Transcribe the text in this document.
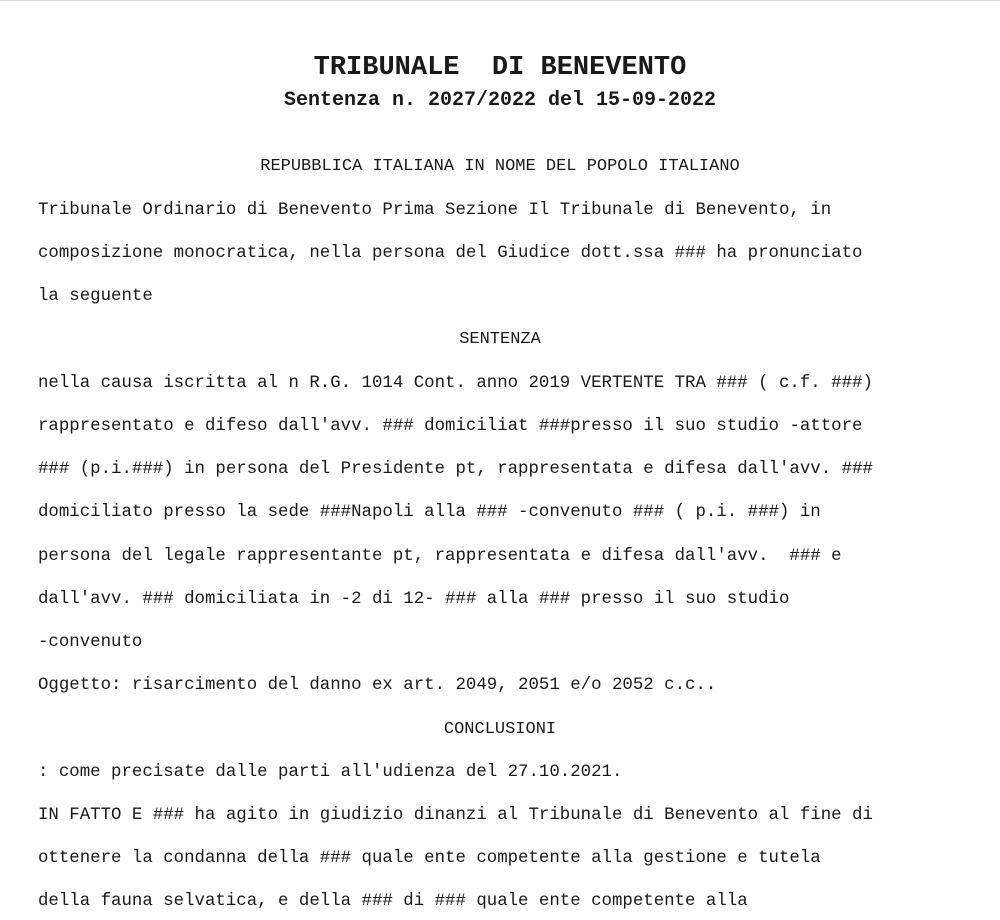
TRIBUNALE  DI BENEVENTO
Sentenza n. 2027/2022 del 15-09-2022
REPUBBLICA ITALIANA IN NOME DEL POPOLO ITALIANO
Tribunale Ordinario di Benevento Prima Sezione Il Tribunale di Benevento, in
composizione monocratica, nella persona del Giudice dott.ssa ### ha pronunciato
la seguente
SENTENZA
nella causa iscritta al n R.G. 1014 Cont. anno 2019 VERTENTE TRA ### ( c.f. ###)
rappresentato e difeso dall'avv. ### domiciliat ###presso il suo studio -attore
### (p.i.###) in persona del Presidente pt, rappresentata e difesa dall'avv. ###
domiciliato presso la sede ###Napoli alla ### -convenuto ### ( p.i. ###) in
persona del legale rappresentante pt, rappresentata e difesa dall'avv.  ### e
dall'avv. ### domiciliata in -2 di 12- ### alla ### presso il suo studio
-convenuto
Oggetto: risarcimento del danno ex art. 2049, 2051 e/o 2052 c.c..
CONCLUSIONI
: come precisate dalle parti all'udienza del 27.10.2021.
IN FATTO E ### ha agito in giudizio dinanzi al Tribunale di Benevento al fine di
ottenere la condanna della ### quale ente competente alla gestione e tutela
della fauna selvatica, e della ### di ### quale ente competente alla
